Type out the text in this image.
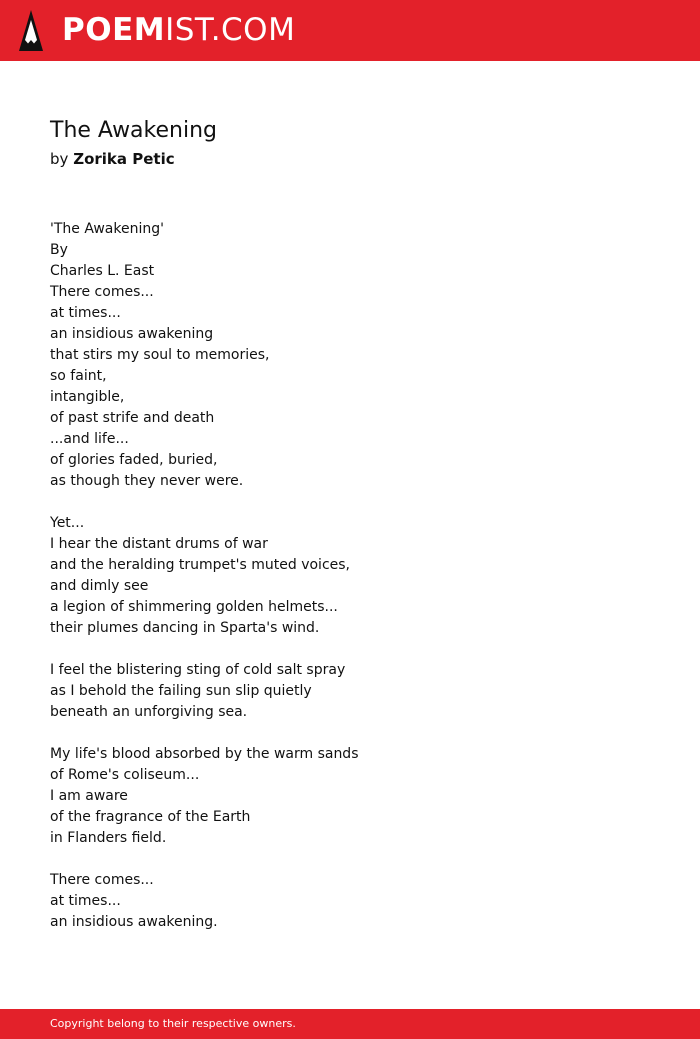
POEMIST.COM
The Awakening
by Zorika Petic
'The Awakening'
By
Charles L. East
There comes...
at times...
an insidious awakening
that stirs my soul to memories,
so faint,
intangible,
of past strife and death
...and life...
of glories faded, buried,
as though they never were.
Yet...
I hear the distant drums of war
and the heralding trumpet's muted voices,
and dimly see
a legion of shimmering golden helmets...
their plumes dancing in Sparta's wind.
I feel the blistering sting of cold salt spray
as I behold the failing sun slip quietly
beneath an unforgiving sea.
My life's blood absorbed by the warm sands
of Rome's coliseum...
I am aware
of the fragrance of the Earth
in Flanders field.
There comes...
at times...
an insidious awakening.
Copyright belong to their respective owners.
